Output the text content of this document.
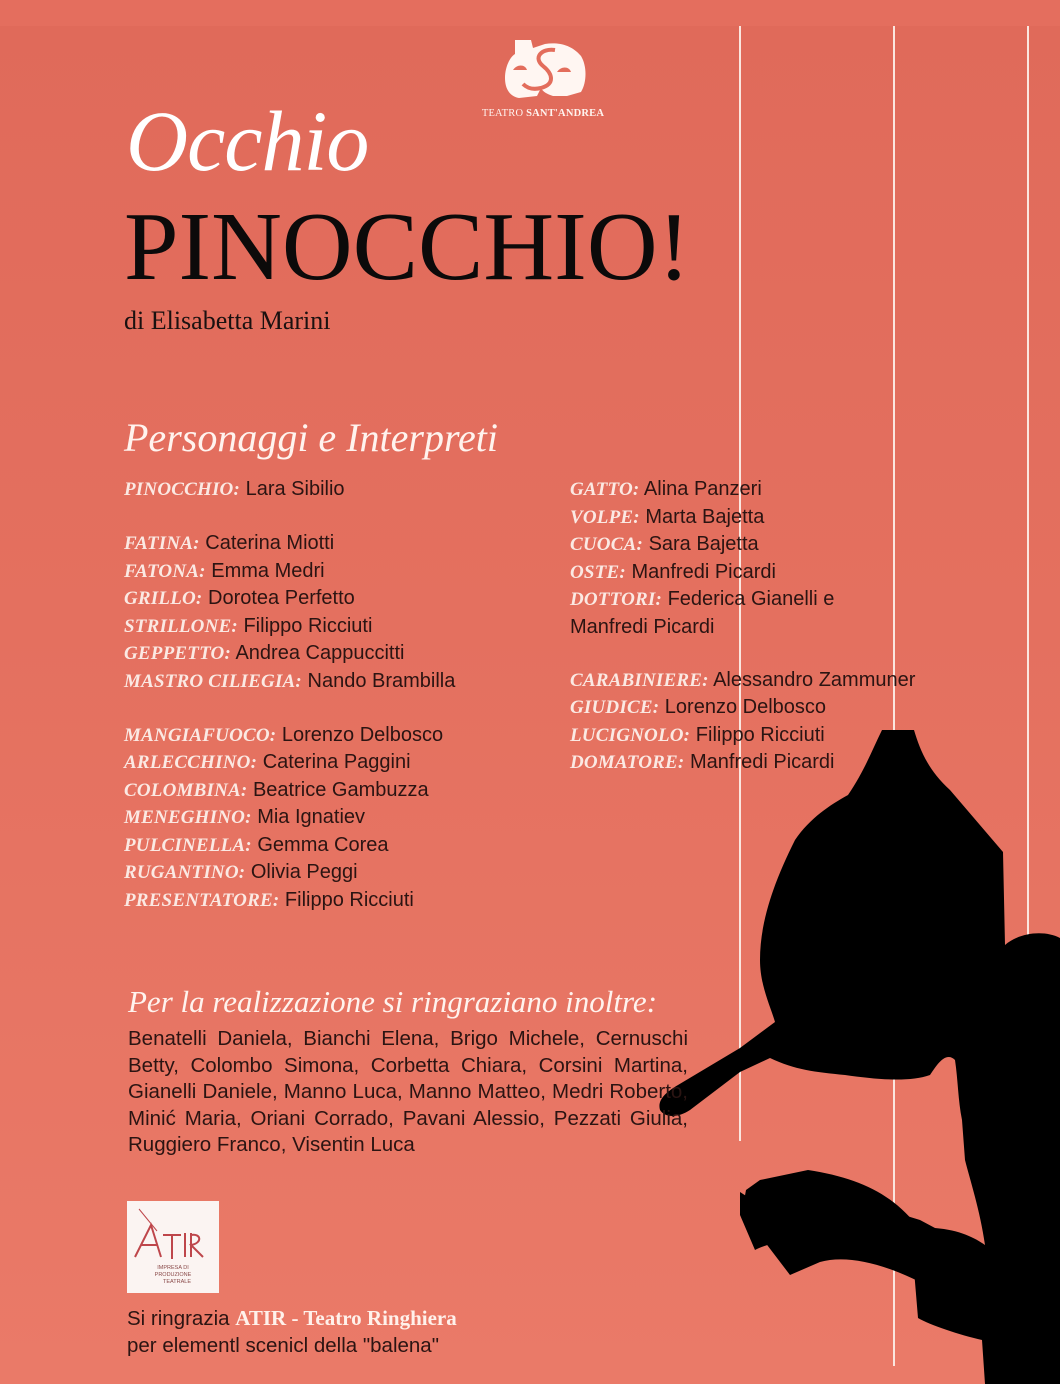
TEATRO SANT'ANDREA
Occhio
PINOCCHIO!
di Elisabetta Marini
Personaggi e Interpreti
PINOCCHIO: Lara Sibilio
FATINA: Caterina Miotti
FATONA: Emma Medri
GRILLO: Dorotea Perfetto
STRILLONE: Filippo Ricciuti
GEPPETTO: Andrea Cappuccitti
MASTRO CILIEGIA: Nando Brambilla
MANGIAFUOCO: Lorenzo Delbosco
ARLECCHINO: Caterina Paggini
COLOMBINA: Beatrice Gambuzza
MENEGHINO: Mia Ignatiev
PULCINELLA: Gemma Corea
RUGANTINO: Olivia Peggi
PRESENTATORE: Filippo Ricciuti
GATTO: Alina Panzeri
VOLPE: Marta Bajetta
CUOCA: Sara Bajetta
OSTE: Manfredi Picardi
DOTTORI: Federica Gianelli e
Manfredi Picardi
CARABINIERE: Alessandro Zammuner
GIUDICE: Lorenzo Delbosco
LUCIGNOLO: Filippo Ricciuti
DOMATORE: Manfredi Picardi
Per la realizzazione si ringraziano inoltre:
Benatelli Daniela, Bianchi Elena, Brigo Michele, Cernuschi Betty, Colombo Simona, Corbetta Chiara, Corsini Martina, Gianelli Daniele, Manno Luca, Manno Matteo, Medri Roberto, Minić Maria, Oriani Corrado, Pavani Alessio, Pezzati Giulia, Ruggiero Franco, Visentin Luca
IMPRESA DI
PRODUZIONE
TEATRALE
Si ringrazia ATIR - Teatro Ringhiera
per elementl scenicl della "balena"
